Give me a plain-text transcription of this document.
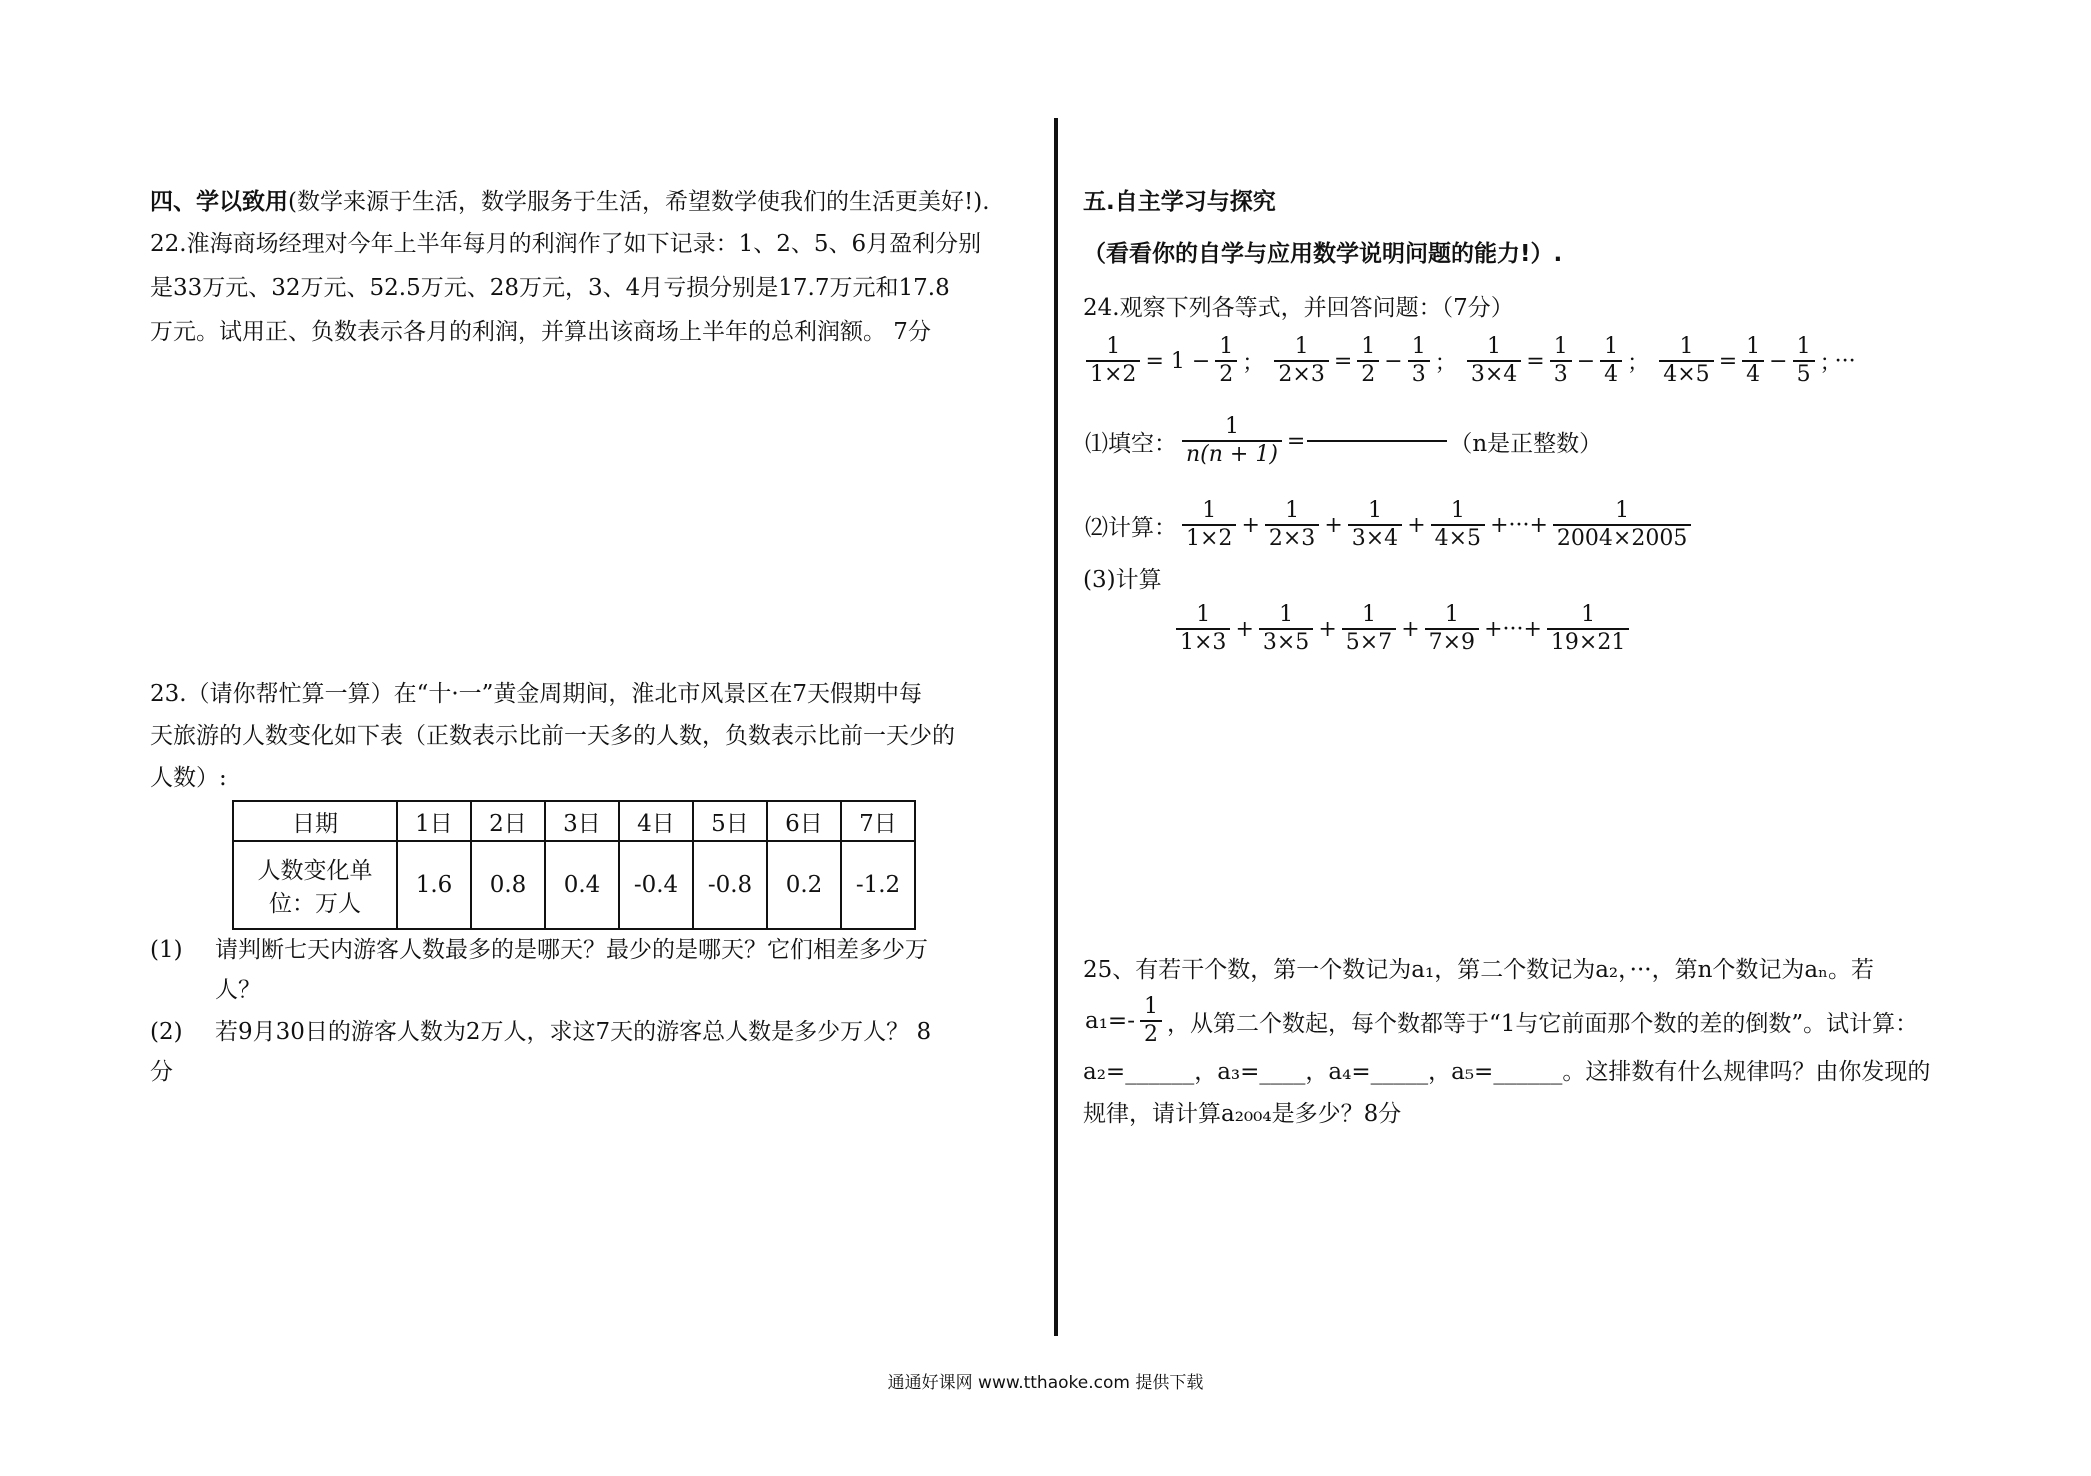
四、学以致用(数学来源于生活，数学服务于生活，希望数学使我们的生活更美好!).
22.淮海商场经理对今年上半年每月的利润作了如下记录：1、2、5、6月盈利分别
是33万元、32万元、52.5万元、28万元，3、4月亏损分别是17.7万元和17.8
万元。试用正、负数表示各月的利润，并算出该商场上半年的总利润额。 7分
23.（请你帮忙算一算）在“十·一”黄金周期间，淮北市风景区在7天假期中每
天旅游的人数变化如下表（正数表示比前一天多的人数，负数表示比前一天少的
人数）:
日期	1日	2日	3日	4日	5日	6日	7日

人数变化单
位：万人	1.6	0.8	0.4	-0.4	-0.8	0.2	-1.2
(1) 请判断七天内游客人数最多的是哪天？最少的是哪天？它们相差多少万
人？
(2) 若9月30日的游客人数为2万人，求这7天的游客总人数是多少万人？ 8
分
五.自主学习与探究
（看看你的自学与应用数学说明问题的能力!）.
24.观察下列各等式，并回答问题：（7分）
$\frac{1}{1\times 2} = 1 - \frac{1}{2}$ ； $\frac{1}{2\times 3} = \frac{1}{2} - \frac{1}{3}$ ； $\frac{1}{3\times 4} = \frac{1}{3} - \frac{1}{4}$ ； $\frac{1}{4\times 5} = \frac{1}{4} - \frac{1}{5}$ ； ···
⑴填空： $\frac{1}{n(n + 1)}$ =	（n是正整数）
⑵计算： $\frac{1}{1\times 2} + \frac{1}{2\times 3} + \frac{1}{3\times 4} + \frac{1}{4\times 5}$ +···+ $\frac{1}{2004\times 2005}$
(3)计算
$\frac{1}{1\times 3} + \frac{1}{3\times 5} + \frac{1}{5\times 7} + \frac{1}{7\times 9}$ +···+ $\frac{1}{19\times 21}$
25、有若干个数，第一个数记为a₁，第二个数记为a₂，···，第n个数记为aₙ。若
$a_1=- \frac{1}{2}$ ，从第二个数起，每个数都等于“1与它前面那个数的差的倒数”。试计算：
a₂=______，a₃=____，a₄=_____，a₅=______。这排数有什么规律吗？由你发现的
规律，请计算a₂₀₀₄是多少？8分
通通好课网 www.tthaoke.com 提供下载
